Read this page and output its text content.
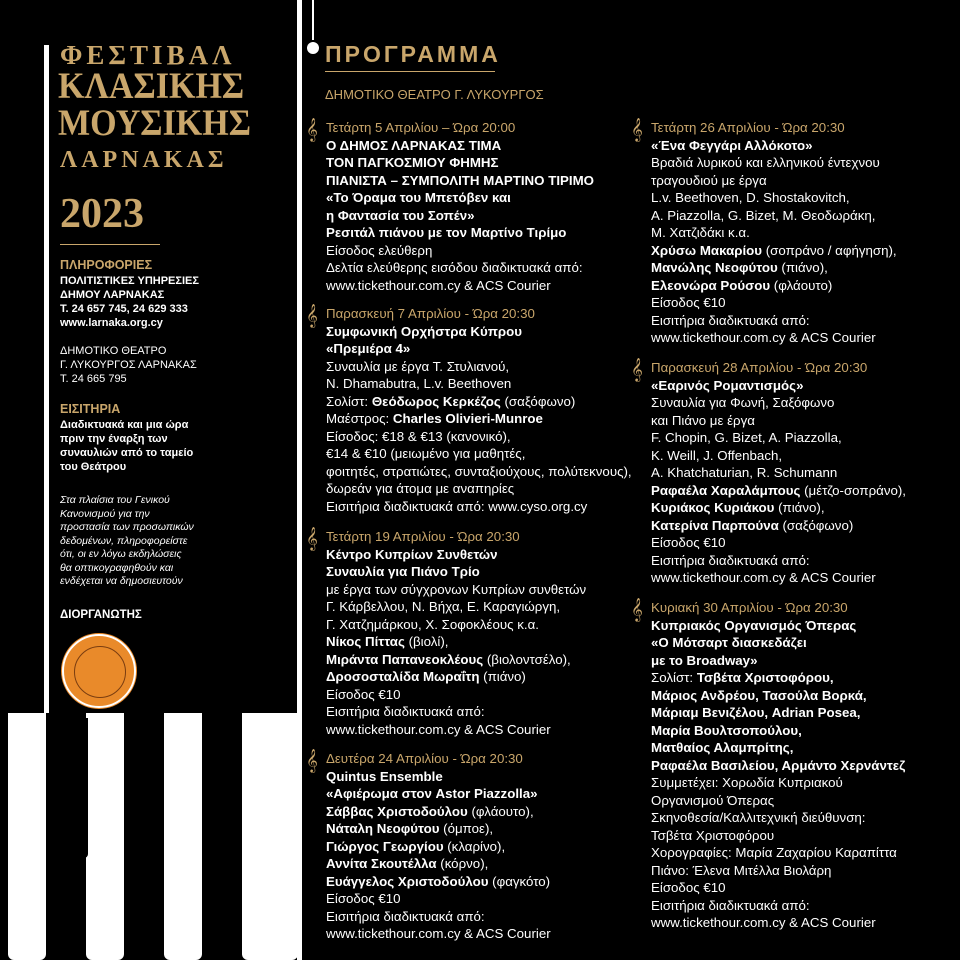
ΦΕΣΤΙΒΑΛ
ΚΛΑΣΙΚΗΣ
ΜΟΥΣΙΚΗΣ
ΛΑΡΝΑΚΑΣ
2023
ΠΛΗΡΟΦΟΡΙΕΣ
ΠΟΛΙΤΙΣΤΙΚΕΣ ΥΠΗΡΕΣΙΕΣ
ΔΗΜΟΥ ΛΑΡΝΑΚΑΣ
Τ. 24 657 745, 24 629 333
www.larnaka.org.cy
ΔΗΜΟΤΙΚΟ ΘΕΑΤΡΟ
Γ. ΛΥΚΟΥΡΓΟΣ ΛΑΡΝΑΚΑΣ
Τ. 24 665 795
ΕΙΣΙΤΗΡΙΑ
Διαδικτυακά και μια ώρα
πριν την έναρξη των
συναυλιών από το ταμείο
του Θεάτρου
Στα πλαίσια του Γενικού
Κανονισμού για την
προστασία των προσωπικών
δεδομένων, πληροφορείστε
ότι, οι εν λόγω εκδηλώσεις
θα οπτικογραφηθούν και
ενδέχεται να δημοσιευτούν
ΔΙΟΡΓΑΝΩΤΗΣ
ΠΡΟΓΡΑΜΜΑ
ΔΗΜΟΤΙΚΟ ΘΕΑΤΡΟ Γ. ΛΥΚΟΥΡΓΟΣ
𝄞
𝄞
𝄞
𝄞
𝄞
𝄞
𝄞
Τετάρτη 5 Απριλίου – Ώρα 20:00
Ο ΔΗΜΟΣ ΛΑΡΝΑΚΑΣ ΤΙΜΑ
ΤΟΝ ΠΑΓΚΟΣΜΙΟΥ ΦΗΜΗΣ
ΠΙΑΝΙΣΤΑ – ΣΥΜΠΟΛΙΤΗ ΜΑΡΤΙΝΟ ΤΙΡΙΜΟ
«Το Όραμα του Μπετόβεν και
η Φαντασία του Σοπέν»
Ρεσιτάλ πιάνου με τον Μαρτίνο Τιρίμο
Είσοδος ελεύθερη
Δελτία ελεύθερης εισόδου διαδικτυακά από:
www.tickethour.com.cy & ACS Courier
Παρασκευή 7 Απριλίου - Ώρα 20:30
Συμφωνική Ορχήστρα Κύπρου
«Πρεμιέρα 4»
Συναυλία με έργα Τ. Στυλιανού,
N. Dhamabutra, L.v. Beethoven
Σολίστ: Θεόδωρος Κερκέζος (σαξόφωνο)
Μαέστρος: Charles Olivieri-Munroe
Είσοδος: €18 & €13 (κανονικό),
€14 & €10 (μειωμένο για μαθητές,
φοιτητές, στρατιώτες, συνταξιούχους, πολύτεκνους),
δωρεάν για άτομα με αναπηρίες
Εισιτήρια διαδικτυακά από: www.cyso.org.cy
Τετάρτη 19 Απριλίου - Ώρα 20:30
Κέντρο Κυπρίων Συνθετών
Συναυλία για Πιάνο Τρίο
με έργα των σύγχρονων Κυπρίων συνθετών
Γ. Κάρβελλου, Ν. Βήχα, Ε. Καραγιώργη,
Γ. Χατζημάρκου, Χ. Σοφοκλέους κ.α.
Νίκος Πίττας (βιολί),
Μιράντα Παπανεοκλέους (βιολοντσέλο),
Δροσοσταλίδα Μωραΐτη (πιάνο)
Είσοδος €10
Εισιτήρια διαδικτυακά από:
www.tickethour.com.cy & ACS Courier
Δευτέρα 24 Απριλίου - Ώρα 20:30
Quintus Ensemble
«Αφιέρωμα στον Astor Piazzolla»
Σάββας Χριστοδούλου (φλάουτο),
Νάταλη Νεοφύτου (όμποε),
Γιώργος Γεωργίου (κλαρίνο),
Αννίτα Σκουτέλλα (κόρνο),
Ευάγγελος Χριστοδούλου (φαγκότο)
Είσοδος €10
Εισιτήρια διαδικτυακά από:
www.tickethour.com.cy & ACS Courier
Τετάρτη 26 Απριλίου - Ώρα 20:30
«Ένα Φεγγάρι Αλλόκοτο»
Βραδιά λυρικού και ελληνικού έντεχνου
τραγουδιού με έργα
L.v. Beethoven, D. Shostakovitch,
A. Piazzolla, G. Bizet, Μ. Θεοδωράκη,
Μ. Χατζιδάκι κ.α.
Χρύσω Μακαρίου (σοπράνο / αφήγηση),
Μανώλης Νεοφύτου (πιάνο),
Ελεονώρα Ρούσου (φλάουτο)
Είσοδος €10
Εισιτήρια διαδικτυακά από:
www.tickethour.com.cy & ACS Courier
Παρασκευή 28 Απριλίου - Ώρα 20:30
«Εαρινός Ρομαντισμός»
Συναυλία για Φωνή, Σαξόφωνο
και Πιάνο με έργα
F. Chopin, G. Bizet, A. Piazzolla,
K. Weill, J. Offenbach,
A. Khatchaturian, R. Schumann
Ραφαέλα Χαραλάμπους (μέτζο-σοπράνο),
Κυριάκος Κυριάκου (πιάνο),
Κατερίνα Παρπούνα (σαξόφωνο)
Είσοδος €10
Εισιτήρια διαδικτυακά από:
www.tickethour.com.cy & ACS Courier
Κυριακή 30 Απριλίου - Ώρα 20:30
Κυπριακός Οργανισμός Όπερας
«Ο Μότσαρτ διασκεδάζει
με το Broadway»
Σολίστ: Τσβέτα Χριστοφόρου,
Μάριος Ανδρέου, Τασούλα Βορκά,
Μάριαμ Βενιζέλου, Adrian Posea,
Μαρία Βουλτσοπούλου,
Ματθαίος Αλαμπρίτης,
Ραφαέλα Βασιλείου, Αρμάντο Χερνάντεζ
Συμμετέχει: Χορωδία Κυπριακού
Οργανισμού Όπερας
Σκηνοθεσία/Καλλιτεχνική διεύθυνση:
Τσβέτα Χριστοφόρου
Χορογραφίες: Μαρία Ζαχαρίου Καραπίττα
Πιάνο: Έλενα Μιτέλλα Βιολάρη
Είσοδος €10
Εισιτήρια διαδικτυακά από:
www.tickethour.com.cy & ACS Courier
